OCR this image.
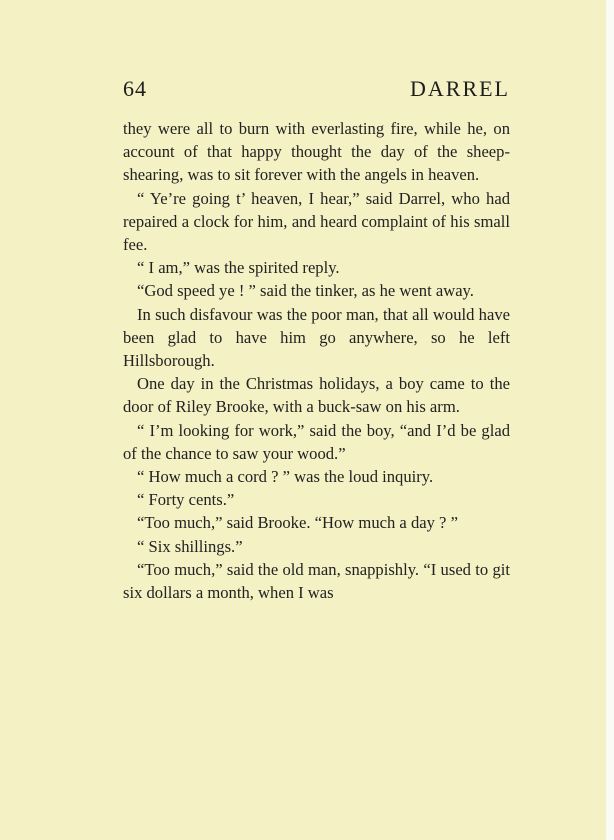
64	DARREL

they were all to burn with everlasting fire, while he, on account of that happy thought the day of the sheep-shearing, was to sit forever with the angels in heaven.

“ Ye’re going t’ heaven, I hear,” said Darrel, who had repaired a clock for him, and heard complaint of his small fee.

“ I am,” was the spirited reply.

“God speed ye ! ” said the tinker, as he went away.

In such disfavour was the poor man, that all would have been glad to have him go anywhere, so he left Hillsborough.

One day in the Christmas holidays, a boy came to the door of Riley Brooke, with a buck-saw on his arm.

“ I’m looking for work,” said the boy, “and I’d be glad of the chance to saw your wood.”

“ How much a cord ? ” was the loud inquiry.

“ Forty cents.”

“Too much,” said Brooke. “How much a day ? ”

“ Six shillings.”

“Too much,” said the old man, snappishly. “I used to git six dollars a month, when I was
